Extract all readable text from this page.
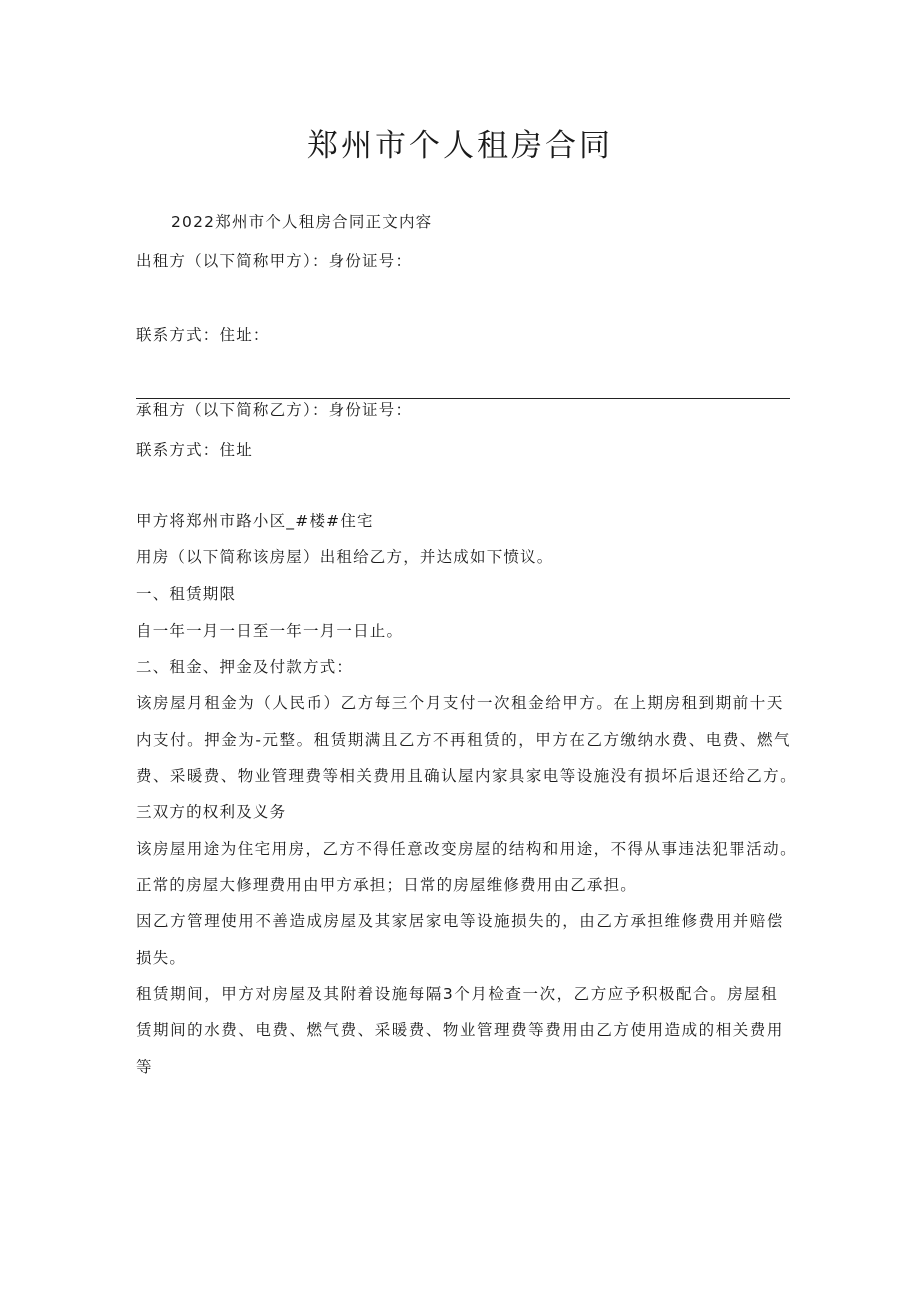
郑州市个人租房合同
2022郑州市个人租房合同正文内容
出租方（以下简称甲方）：身份证号：
联系方式：住址：
承租方（以下简称乙方）：身份证号：
联系方式：住址
甲方将郑州市路小区_#楼#住宅
用房（以下简称该房屋）出租给乙方，并达成如下愤议。
一、租赁期限
自一年一月一日至一年一月一日止。
二、租金、押金及付款方式：
该房屋月租金为（人民币）乙方每三个月支付一次租金给甲方。在上期房租到期前十天
内支付。押金为-元整。租赁期满且乙方不再租赁的，甲方在乙方缴纳水费、电费、燃气
费、采暖费、物业管理费等相关费用且确认屋内家具家电等设施没有损坏后退还给乙方。
三双方的权利及义务
该房屋用途为住宅用房，乙方不得任意改变房屋的结构和用途，不得从事违法犯罪活动。
正常的房屋大修理费用由甲方承担；日常的房屋维修费用由乙承担。
因乙方管理使用不善造成房屋及其家居家电等设施损失的，由乙方承担维修费用并赔偿
损失。
租赁期间，甲方对房屋及其附着设施每隔3个月检查一次，乙方应予积极配合。房屋租
赁期间的水费、电费、燃气费、采暖费、物业管理费等费用由乙方使用造成的相关费用
等
